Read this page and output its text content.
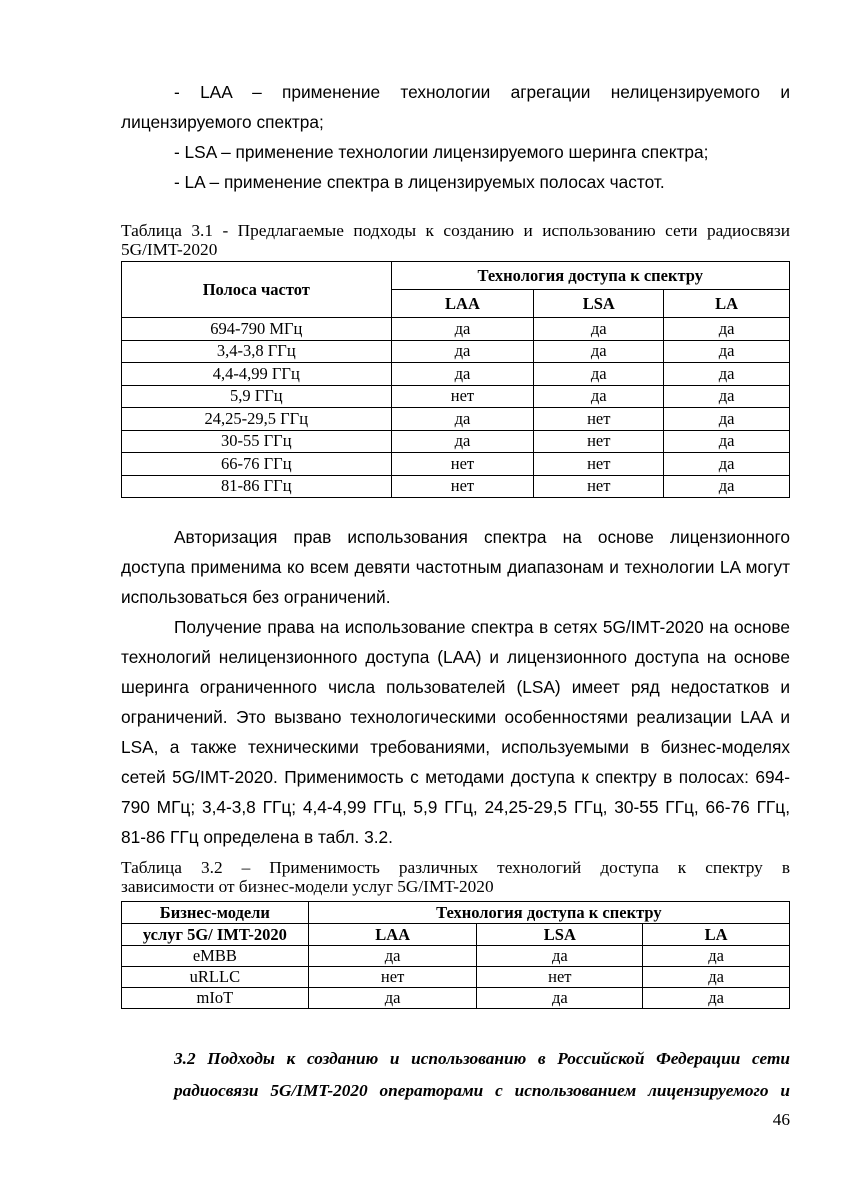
- LAA – применение технологии агрегации нелицензируемого и

лицензируемого спектра;

- LSA – применение технологии лицензируемого шеринга спектра;

- LA – применение спектра в лицензируемых полосах частот.

Таблица 3.1 - Предлагаемые подходы к созданию и использованию сети радиосвязи
5G/IMT-2020
Полоса частот	Технология доступа к спектру		
	LAA	LSA	LA
694-790 МГц	да	да	да
3,4-3,8 ГГц	да	да	да
4,4-4,99 ГГц	да	да	да
5,9 ГГц	нет	да	да
24,25-29,5 ГГц	да	нет	да
30-55 ГГц	да	нет	да
66-76 ГГц	нет	нет	да
81-86 ГГц	нет	нет	да

Авторизация прав использования спектра на основе лицензионного доступа применима ко всем девяти частотным диапазонам и технологии LA могут использоваться без ограничений.

Получение права на использование спектра в сетях 5G/IMT-2020 на основе технологий нелицензионного доступа (LAA) и лицензионного доступа на основе шеринга ограниченного числа пользователей (LSA) имеет ряд недостатков и ограничений. Это вызвано технологическими особенностями реализации LAA и LSA, а также техническими требованиями, используемыми в бизнес-моделях сетей 5G/IMT-2020. Применимость с методами доступа к спектру в полосах: 694-790 МГц; 3,4-3,8 ГГц; 4,4-4,99 ГГц, 5,9 ГГц, 24,25-29,5 ГГц, 30-55 ГГц, 66-76 ГГц, 81-86 ГГц определена в табл. 3.2.

Таблица 3.2 – Применимость различных технологий доступа к спектру в
зависимости от бизнес-модели услуг 5G/IMT-2020
Бизнес-модели	Технология доступа к спектру		
услуг 5G/ IMT-2020	LAA	LSA	LA
eMBB	да	да	да
uRLLC	нет	нет	да
mIoT	да	да	да

3.2 Подходы к созданию и использованию в Российской Федерации сети

радиосвязи 5G/IMT-2020 операторами с использованием лицензируемого и

46
